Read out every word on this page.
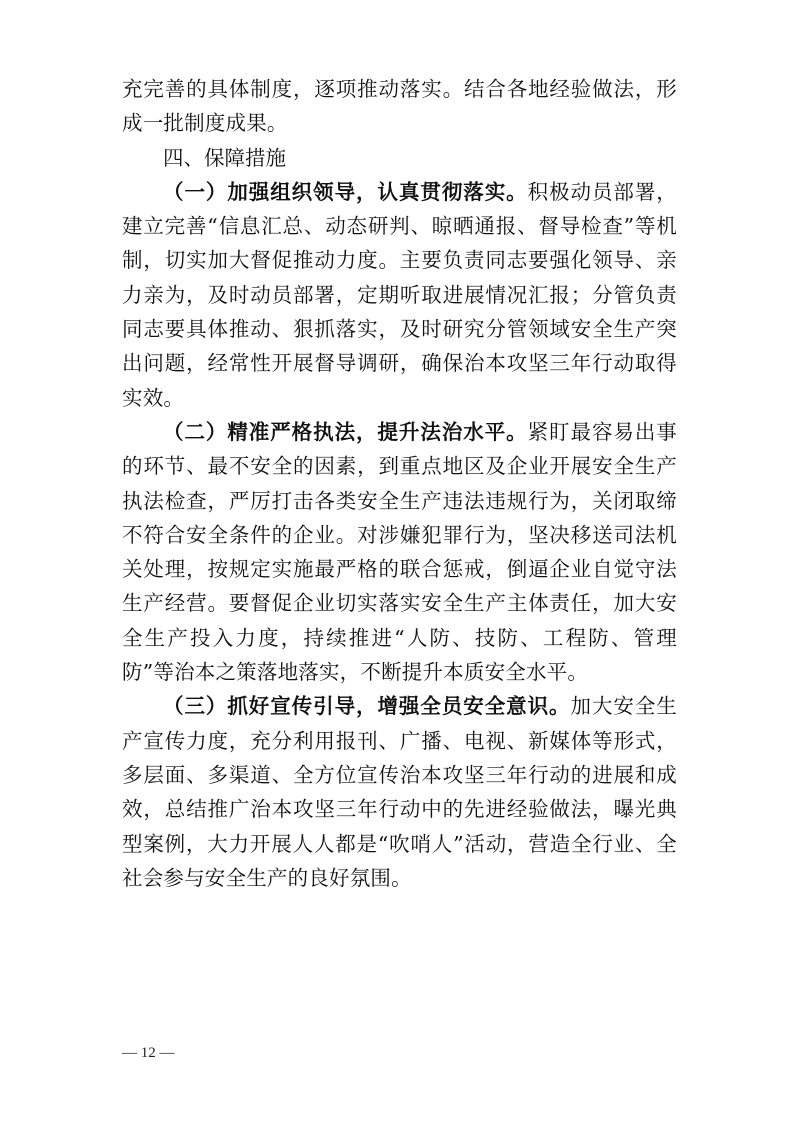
充完善的具体制度，逐项推动落实。结合各地经验做法，形成一批制度成果。

四、保障措施

（一）加强组织领导，认真贯彻落实。积极动员部署，建立完善“信息汇总、动态研判、晾晒通报、督导检查”等机制，切实加大督促推动力度。主要负责同志要强化领导、亲力亲为，及时动员部署，定期听取进展情况汇报；分管负责同志要具体推动、狠抓落实，及时研究分管领域安全生产突出问题，经常性开展督导调研，确保治本攻坚三年行动取得实效。

（二）精准严格执法，提升法治水平。紧盯最容易出事的环节、最不安全的因素，到重点地区及企业开展安全生产执法检查，严厉打击各类安全生产违法违规行为，关闭取缔不符合安全条件的企业。对涉嫌犯罪行为，坚决移送司法机关处理，按规定实施最严格的联合惩戒，倒逼企业自觉守法生产经营。要督促企业切实落实安全生产主体责任，加大安全生产投入力度，持续推进“人防、技防、工程防、管理防”等治本之策落地落实，不断提升本质安全水平。

（三）抓好宣传引导，增强全员安全意识。加大安全生产宣传力度，充分利用报刊、广播、电视、新媒体等形式，多层面、多渠道、全方位宣传治本攻坚三年行动的进展和成效，总结推广治本攻坚三年行动中的先进经验做法，曝光典型案例，大力开展人人都是“吹哨人”活动，营造全行业、全社会参与安全生产的良好氛围。

— 12 —
